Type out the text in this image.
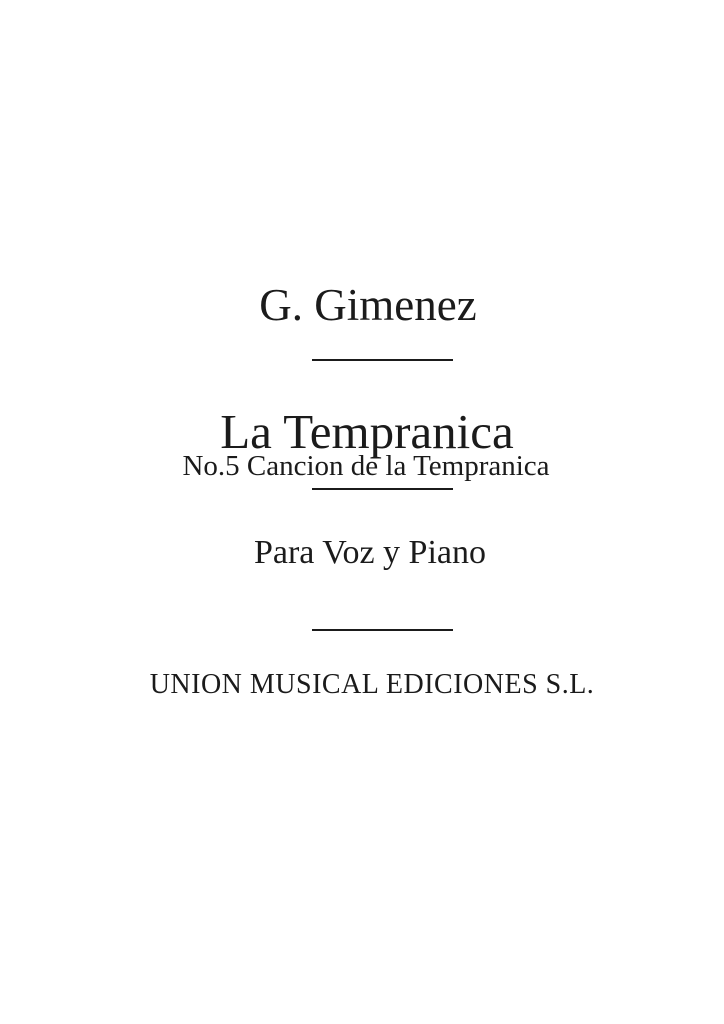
G. Gimenez
La Tempranica
No.5 Cancion de la Tempranica
Para Voz y Piano
UNION MUSICAL EDICIONES S.L.
